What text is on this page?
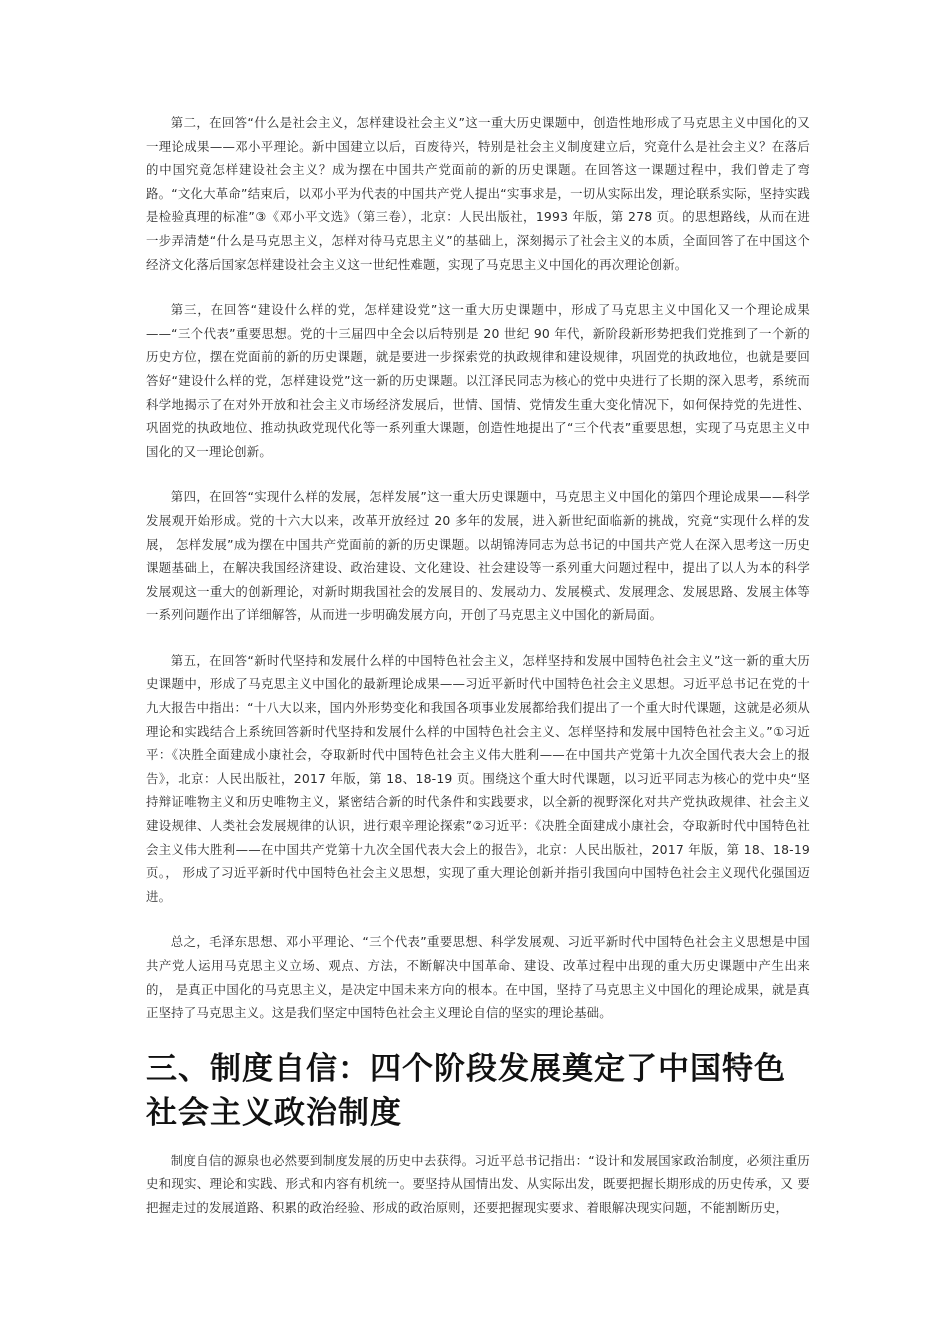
第二，在回答“什么是社会主义，怎样建设社会主义”这一重大历史课题中，创造性地形成了马克思主义中国化的又一理论成果——邓小平理论。新中国建立以后，百废待兴，特别是社会主义制度建立后，究竟什么是社会主义？在落后的中国究竟怎样建设社会主义？成为摆在中国共产党面前的新的历史课题。在回答这一课题过程中，我们曾走了弯路。“文化大革命”结束后，以邓小平为代表的中国共产党人提出“实事求是，一切从实际出发，理论联系实际，坚持实践是检验真理的标准”③《邓小平文选》（第三卷），北京：人民出版社，1993 年版，第 278 页。的思想路线，从而在进一步弄清楚“什么是马克思主义，怎样对待马克思主义”的基础上，深刻揭示了社会主义的本质，全面回答了在中国这个经济文化落后国家怎样建设社会主义这一世纪性难题，实现了马克思主义中国化的再次理论创新。

第三，在回答“建设什么样的党，怎样建设党”这一重大历史课题中，形成了马克思主义中国化又一个理论成果——“三个代表”重要思想。党的十三届四中全会以后特别是 20 世纪 90 年代，新阶段新形势把我们党推到了一个新的历史方位，摆在党面前的新的历史课题，就是要进一步探索党的执政规律和建设规律，巩固党的执政地位，也就是要回答好“建设什么样的党，怎样建设党”这一新的历史课题。以江泽民同志为核心的党中央进行了长期的深入思考，系统而科学地揭示了在对外开放和社会主义市场经济发展后，世情、国情、党情发生重大变化情况下，如何保持党的先进性、巩固党的执政地位、推动执政党现代化等一系列重大课题，创造性地提出了“三个代表”重要思想，实现了马克思主义中国化的又一理论创新。

第四，在回答“实现什么样的发展，怎样发展”这一重大历史课题中，马克思主义中国化的第四个理论成果——科学发展观开始形成。党的十六大以来，改革开放经过 20 多年的发展，进入新世纪面临新的挑战，究竟“实现什么样的发展， 怎样发展”成为摆在中国共产党面前的新的历史课题。以胡锦涛同志为总书记的中国共产党人在深入思考这一历史课题基础上，在解决我国经济建设、政治建设、文化建设、社会建设等一系列重大问题过程中，提出了以人为本的科学发展观这一重大的创新理论，对新时期我国社会的发展目的、发展动力、发展模式、发展理念、发展思路、发展主体等一系列问题作出了详细解答，从而进一步明确发展方向，开创了马克思主义中国化的新局面。

第五，在回答“新时代坚持和发展什么样的中国特色社会主义，怎样坚持和发展中国特色社会主义”这一新的重大历史课题中，形成了马克思主义中国化的最新理论成果——习近平新时代中国特色社会主义思想。习近平总书记在党的十九大报告中指出：“十八大以来，国内外形势变化和我国各项事业发展都给我们提出了一个重大时代课题，这就是必须从理论和实践结合上系统回答新时代坚持和发展什么样的中国特色社会主义、怎样坚持和发展中国特色社会主义。”①习近平：《决胜全面建成小康社会，夺取新时代中国特色社会主义伟大胜利——在中国共产党第十九次全国代表大会上的报告》，北京：人民出版社，2017 年版，第 18、18-19 页。围绕这个重大时代课题，以习近平同志为核心的党中央“坚 持辩证唯物主义和历史唯物主义，紧密结合新的时代条件和实践要求，以全新的视野深化对共产党执政规律、社会主义建设规律、人类社会发展规律的认识，进行艰辛理论探索”②习近平：《决胜全面建成小康社会，夺取新时代中国特色社会主义伟大胜利——在中国共产党第十九次全国代表大会上的报告》，北京：人民出版社，2017 年版，第 18、18-19 页。， 形成了习近平新时代中国特色社会主义思想，实现了重大理论创新并指引我国向中国特色社会主义现代化强国迈进。

总之，毛泽东思想、邓小平理论、“三个代表”重要思想、科学发展观、习近平新时代中国特色社会主义思想是中国共产党人运用马克思主义立场、观点、方法，不断解决中国革命、建设、改革过程中出现的重大历史课题中产生出来的， 是真正中国化的马克思主义，是决定中国未来方向的根本。在中国，坚持了马克思主义中国化的理论成果，就是真正坚持了马克思主义。这是我们坚定中国特色社会主义理论自信的坚实的理论基础。

三、制度自信：四个阶段发展奠定了中国特色社会主义政治制度

制度自信的源泉也必然要到制度发展的历史中去获得。习近平总书记指出：“设计和发展国家政治制度，必须注重历史和现实、理论和实践、形式和内容有机统一。要坚持从国情出发、从实际出发，既要把握长期形成的历史传承，又 要把握走过的发展道路、积累的政治经验、形成的政治原则，还要把握现实要求、着眼解决现实问题，不能割断历史，
